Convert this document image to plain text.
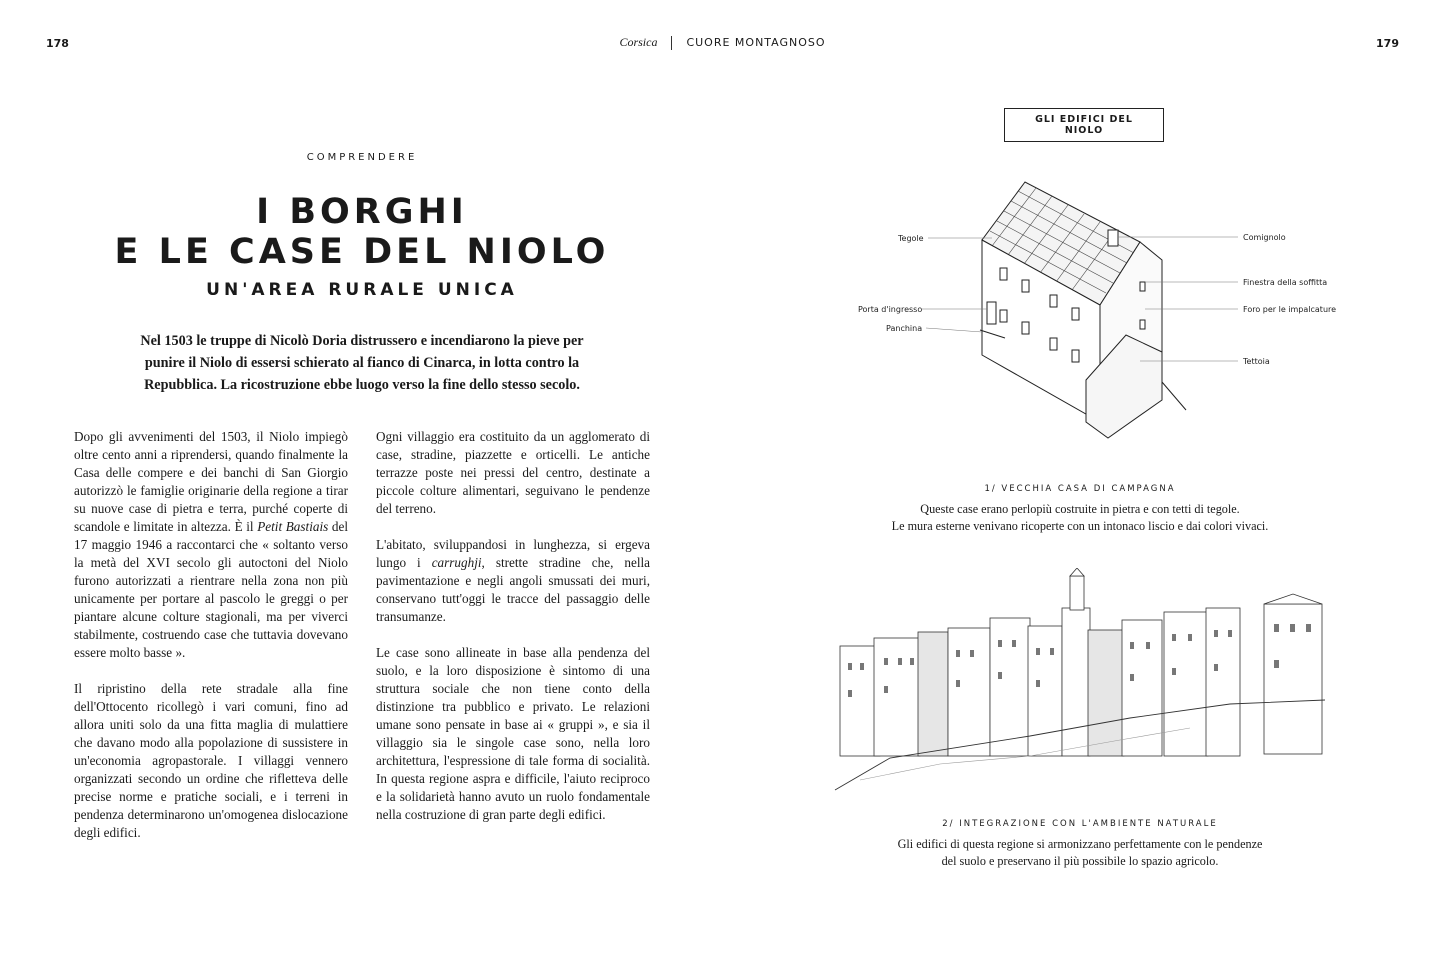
178	179
Corsica	CUORE MONTAGNOSO
COMPRENDERE
I BORGHI
E LE CASE DEL NIOLO
UN'AREA RURALE UNICA
Nel 1503 le truppe di Nicolò Doria distrussero e incendiarono la pieve per punire il Niolo di essersi schierato al fianco di Cinarca, in lotta contro la Repubblica. La ricostruzione ebbe luogo verso la fine dello stesso secolo.

Dopo gli avvenimenti del 1503, il Niolo impiegò oltre cento anni a riprendersi, quando finalmente la Casa delle compere e dei banchi di San Giorgio autorizzò le famiglie originarie della regione a tirar su nuove case di pietra e terra, purché coperte di scandole e limitate in altezza. È il Petit Bastiais del 17 maggio 1946 a raccontarci che « soltanto verso la metà del XVI secolo gli autoctoni del Niolo furono autorizzati a rientrare nella zona non più unicamente per portare al pascolo le greggi o per piantare alcune colture stagionali, ma per viverci stabilmente, costruendo case che tuttavia dovevano essere molto basse ».

Il ripristino della rete stradale alla fine dell'Ottocento ricollegò i vari comuni, fino ad allora uniti solo da una fitta maglia di mulattiere che davano modo alla popolazione di sussistere in un'economia agropastorale. I villaggi vennero organizzati secondo un ordine che rifletteva delle precise norme e pratiche sociali, e i terreni in pendenza determinarono un'omogenea dislocazione degli edifici.

Ogni villaggio era costituito da un agglomerato di case, stradine, piazzette e orticelli. Le antiche terrazze poste nei pressi del centro, destinate a piccole colture alimentari, seguivano le pendenze del terreno.

L'abitato, sviluppandosi in lunghezza, si ergeva lungo i carrughji, strette stradine che, nella pavimentazione e negli angoli smussati dei muri, conservano tutt'oggi le tracce del passaggio delle transumanze.

Le case sono allineate in base alla pendenza del suolo, e la loro disposizione è sintomo di una struttura sociale che non tiene conto della distinzione tra pubblico e privato. Le relazioni umane sono pensate in base ai « gruppi », e sia il villaggio sia le singole case sono, nella loro architettura, l'espressione di tale forma di socialità. In questa regione aspra e difficile, l'aiuto reciproco e la solidarietà hanno avuto un ruolo fondamentale nella costruzione di gran parte degli edifici.

GLI EDIFICI DEL NIOLO
Tegole
Porta d'ingresso
Panchina
Comignolo
Finestra della soffitta
Foro per le impalcature
Tettoia
1/ VECCHIA CASA DI CAMPAGNA
Queste case erano perlopiù costruite in pietra e con tetti di tegole.
Le mura esterne venivano ricoperte con un intonaco liscio e dai colori vivaci.
2/ INTEGRAZIONE CON L'AMBIENTE NATURALE
Gli edifici di questa regione si armonizzano perfettamente con le pendenze
del suolo e preservano il più possibile lo spazio agricolo.
